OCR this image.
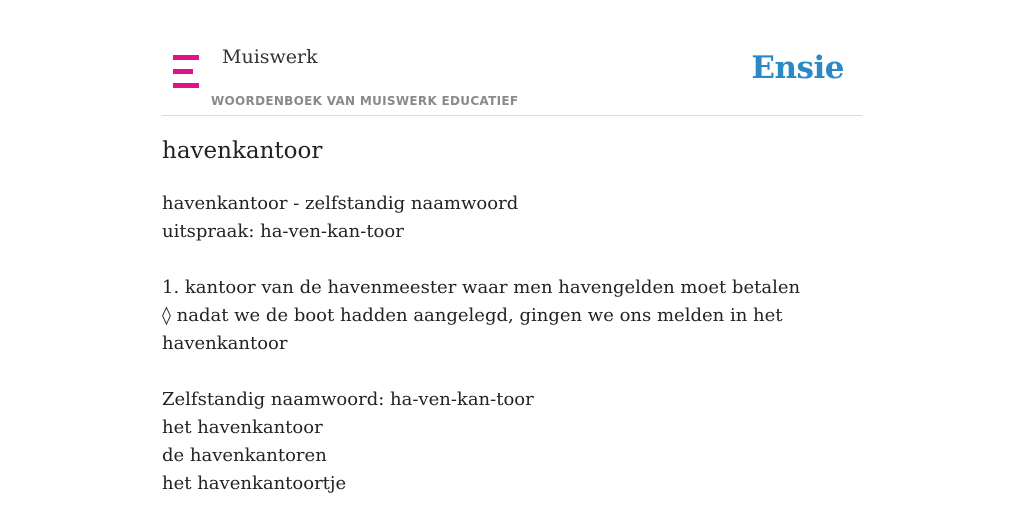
Muiswerk
WOORDENBOEK VAN MUISWERK EDUCATIEF
Ensie
havenkantoor
havenkantoor - zelfstandig naamwoord
uitspraak: ha-ven-kan-toor
1. kantoor van de havenmeester waar men havengelden moet betalen
◊ nadat we de boot hadden aangelegd, gingen we ons melden in het
havenkantoor
Zelfstandig naamwoord: ha-ven-kan-toor
het havenkantoor
de havenkantoren
het havenkantoortje
